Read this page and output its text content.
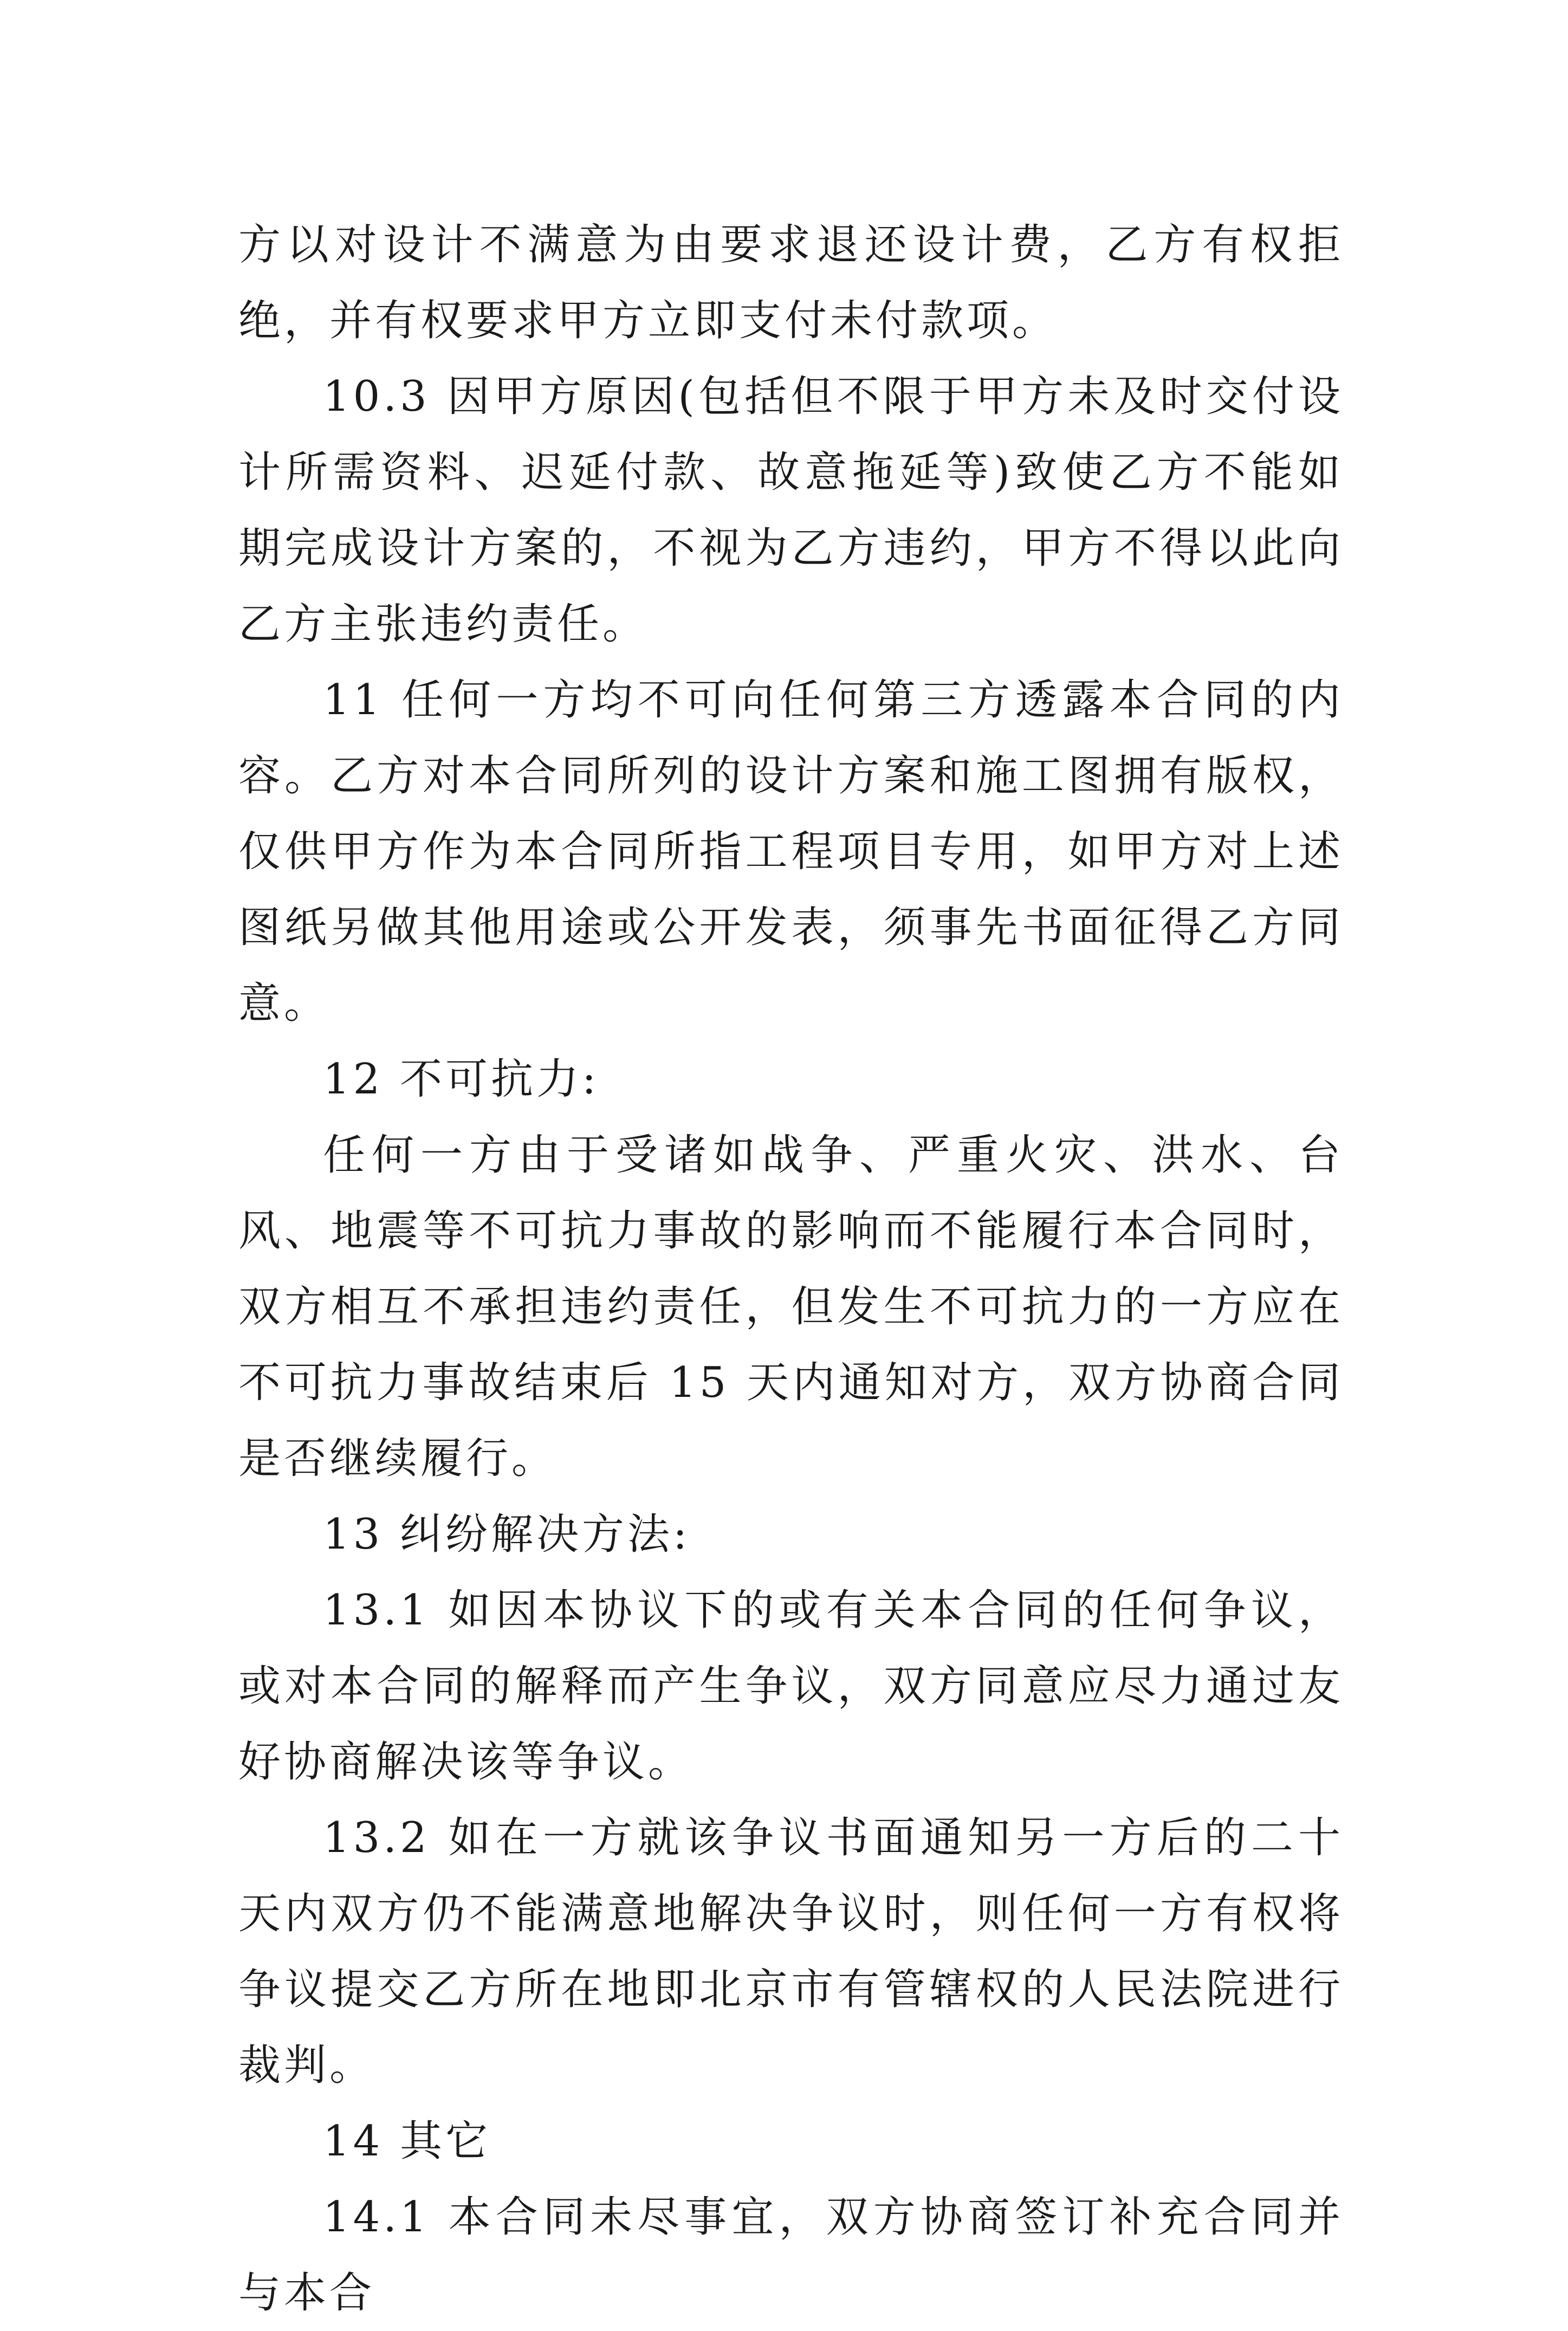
方以对设计不满意为由要求退还设计费，乙方有权拒绝，并有权要求甲方立即支付未付款项。

10.3 因甲方原因(包括但不限于甲方未及时交付设计所需资料、迟延付款、故意拖延等)致使乙方不能如期完成设计方案的，不视为乙方违约，甲方不得以此向乙方主张违约责任。

11 任何一方均不可向任何第三方透露本合同的内容。乙方对本合同所列的设计方案和施工图拥有版权，仅供甲方作为本合同所指工程项目专用，如甲方对上述图纸另做其他用途或公开发表，须事先书面征得乙方同意。

12 不可抗力:

任何一方由于受诸如战争、严重火灾、洪水、台风、地震等不可抗力事故的影响而不能履行本合同时，双方相互不承担违约责任，但发生不可抗力的一方应在不可抗力事故结束后 15 天内通知对方，双方协商合同是否继续履行。

13 纠纷解决方法:

13.1 如因本协议下的或有关本合同的任何争议，或对本合同的解释而产生争议，双方同意应尽力通过友好协商解决该等争议。

13.2 如在一方就该争议书面通知另一方后的二十天内双方仍不能满意地解决争议时，则任何一方有权将争议提交乙方所在地即北京市有管辖权的人民法院进行裁判。

14 其它

14.1 本合同未尽事宜，双方协商签订补充合同并与本合
